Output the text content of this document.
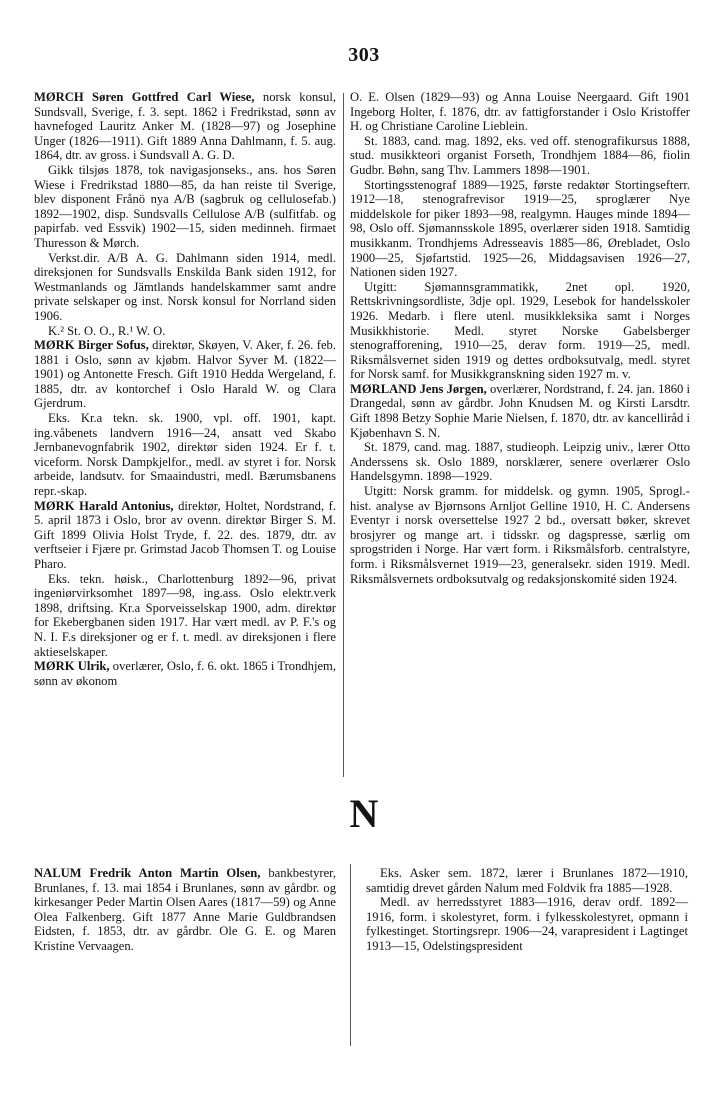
303

MØRCH Søren Gottfred Carl Wiese, norsk konsul, Sundsvall, Sverige, f. 3. sept. 1862 i Fredrikstad, sønn av havnefoged Lauritz Anker M. (1828—97) og Josephine Unger (1826—1911). Gift 1889 Anna Dahlmann, f. 5. aug. 1864, dtr. av gross. i Sundsvall A. G. D.

Gikk tilsjøs 1878, tok navigasjonseks., ans. hos Søren Wiese i Fredrikstad 1880—85, da han reiste til Sverige, blev disponent Frånö nya A/B (sagbruk og cellulosefab.) 1892—1902, disp. Sundsvalls Cellulose A/B (sulfitfab. og papirfab. ved Essvik) 1902—15, siden medinneh. firmaet Thuresson & Mørch.

Verkst.dir. A/B A. G. Dahlmann siden 1914, medl. direksjonen for Sundsvalls Enskilda Bank siden 1912, for Westmanlands og Jämtlands handelskammer samt andre private selskaper og inst. Norsk konsul for Norrland siden 1906.

K.² St. O. O., R.¹ W. O.

MØRK Birger Sofus, direktør, Skøyen, V. Aker, f. 26. feb. 1881 i Oslo, sønn av kjøbm. Halvor Syver M. (1822—1901) og Antonette Fresch. Gift 1910 Hedda Wergeland, f. 1885, dtr. av kontorchef i Oslo Harald W. og Clara Gjerdrum.

Eks. Kr.a tekn. sk. 1900, vpl. off. 1901, kapt. ing.våbenets landvern 1916—24, ansatt ved Skabo Jernbanevognfabrik 1902, direktør siden 1924. Er f. t. viceform. Norsk Dampkjelfor., medl. av styret i for. Norsk arbeide, landsutv. for Smaaindustri, medl. Bærumsbanens repr.-skap.

MØRK Harald Antonius, direktør, Holtet, Nordstrand, f. 5. april 1873 i Oslo, bror av ovenn. direktør Birger S. M. Gift 1899 Olivia Holst Tryde, f. 22. des. 1879, dtr. av verftseier i Fjære pr. Grimstad Jacob Thomsen T. og Louise Pharo.

Eks. tekn. høisk., Charlottenburg 1892—96, privat ingeniørvirksomhet 1897—98, ing.ass. Oslo elektr.verk 1898, driftsing. Kr.a Sporveisselskap 1900, adm. direktør for Ekebergbanen siden 1917. Har vært medl. av P. F.'s og N. I. F.s direksjoner og er f. t. medl. av direksjonen i flere aktieselskaper.

MØRK Ulrik, overlærer, Oslo, f. 6. okt. 1865 i Trondhjem, sønn av økonom

O. E. Olsen (1829—93) og Anna Louise Neergaard. Gift 1901 Ingeborg Holter, f. 1876, dtr. av fattigforstander i Oslo Kristoffer H. og Christiane Caroline Lieblein.

St. 1883, cand. mag. 1892, eks. ved off. stenografikursus 1888, stud. musikkteori organist Forseth, Trondhjem 1884—86, fiolin Gudbr. Bøhn, sang Thv. Lammers 1898—1901.

Stortingsstenograf 1889—1925, første redaktør Stortingsefterr. 1912—18, stenografrevisor 1919—25, sproglærer Nye middelskole for piker 1893—98, realgymn. Hauges minde 1894—98, Oslo off. Sjømannsskole 1895, overlærer siden 1918. Samtidig musikkanm. Trondhjems Adresseavis 1885—86, Ørebladet, Oslo 1900—25, Sjøfartstid. 1925—26, Middagsavisen 1926—27, Nationen siden 1927.

Utgitt: Sjømannsgrammatikk, 2net opl. 1920, Rettskrivningsordliste, 3dje opl. 1929, Lesebok for handelsskoler 1926. Medarb. i flere utenl. musikkleksika samt i Norges Musikkhistorie. Medl. styret Norske Gabelsberger stenografforening, 1910—25, derav form. 1919—25, medl. Riksmålsvernet siden 1919 og dettes ordboksutvalg, medl. styret for Norsk samf. for Musikkgranskning siden 1927 m. v.

MØRLAND Jens Jørgen, overlærer, Nordstrand, f. 24. jan. 1860 i Drangedal, sønn av gårdbr. John Knudsen M. og Kirsti Larsdtr. Gift 1898 Betzy Sophie Marie Nielsen, f. 1870, dtr. av kancelliråd i Kjøbenhavn S. N.

St. 1879, cand. mag. 1887, studieoph. Leipzig univ., lærer Otto Anderssens sk. Oslo 1889, norsklærer, senere overlærer Oslo Handelsgymn. 1898—1929.

Utgitt: Norsk gramm. for middelsk. og gymn. 1905, Sprogl.-hist. analyse av Bjørnsons Arnljot Gelline 1910, H. C. Andersens Eventyr i norsk oversettelse 1927 2 bd., oversatt bøker, skrevet brosjyrer og mange art. i tidsskr. og dagspresse, særlig om sprogstriden i Norge. Har vært form. i Riksmålsforb. centralstyre, form. i Riksmålsvernet 1919—23, generalsekr. siden 1919. Medl. Riksmålsvernets ordboksutvalg og redaksjonskomité siden 1924.

N

NALUM Fredrik Anton Martin Olsen, bankbestyrer, Brunlanes, f. 13. mai 1854 i Brunlanes, sønn av gårdbr. og kirkesanger Peder Martin Olsen Aares (1817—59) og Anne Olea Falkenberg. Gift 1877 Anne Marie Guldbrandsen Eidsten, f. 1853, dtr. av gårdbr. Ole G. E. og Maren Kristine Vervaagen.

Eks. Asker sem. 1872, lærer i Brunlanes 1872—1910, samtidig drevet gården Nalum med Foldvik fra 1885—1928.

Medl. av herredsstyret 1883—1916, derav ordf. 1892—1916, form. i skolestyret, form. i fylkesskolestyret, opmann i fylkestinget. Stortingsrepr. 1906—24, varapresident i Lagtinget 1913—15, Odelstingspresident
